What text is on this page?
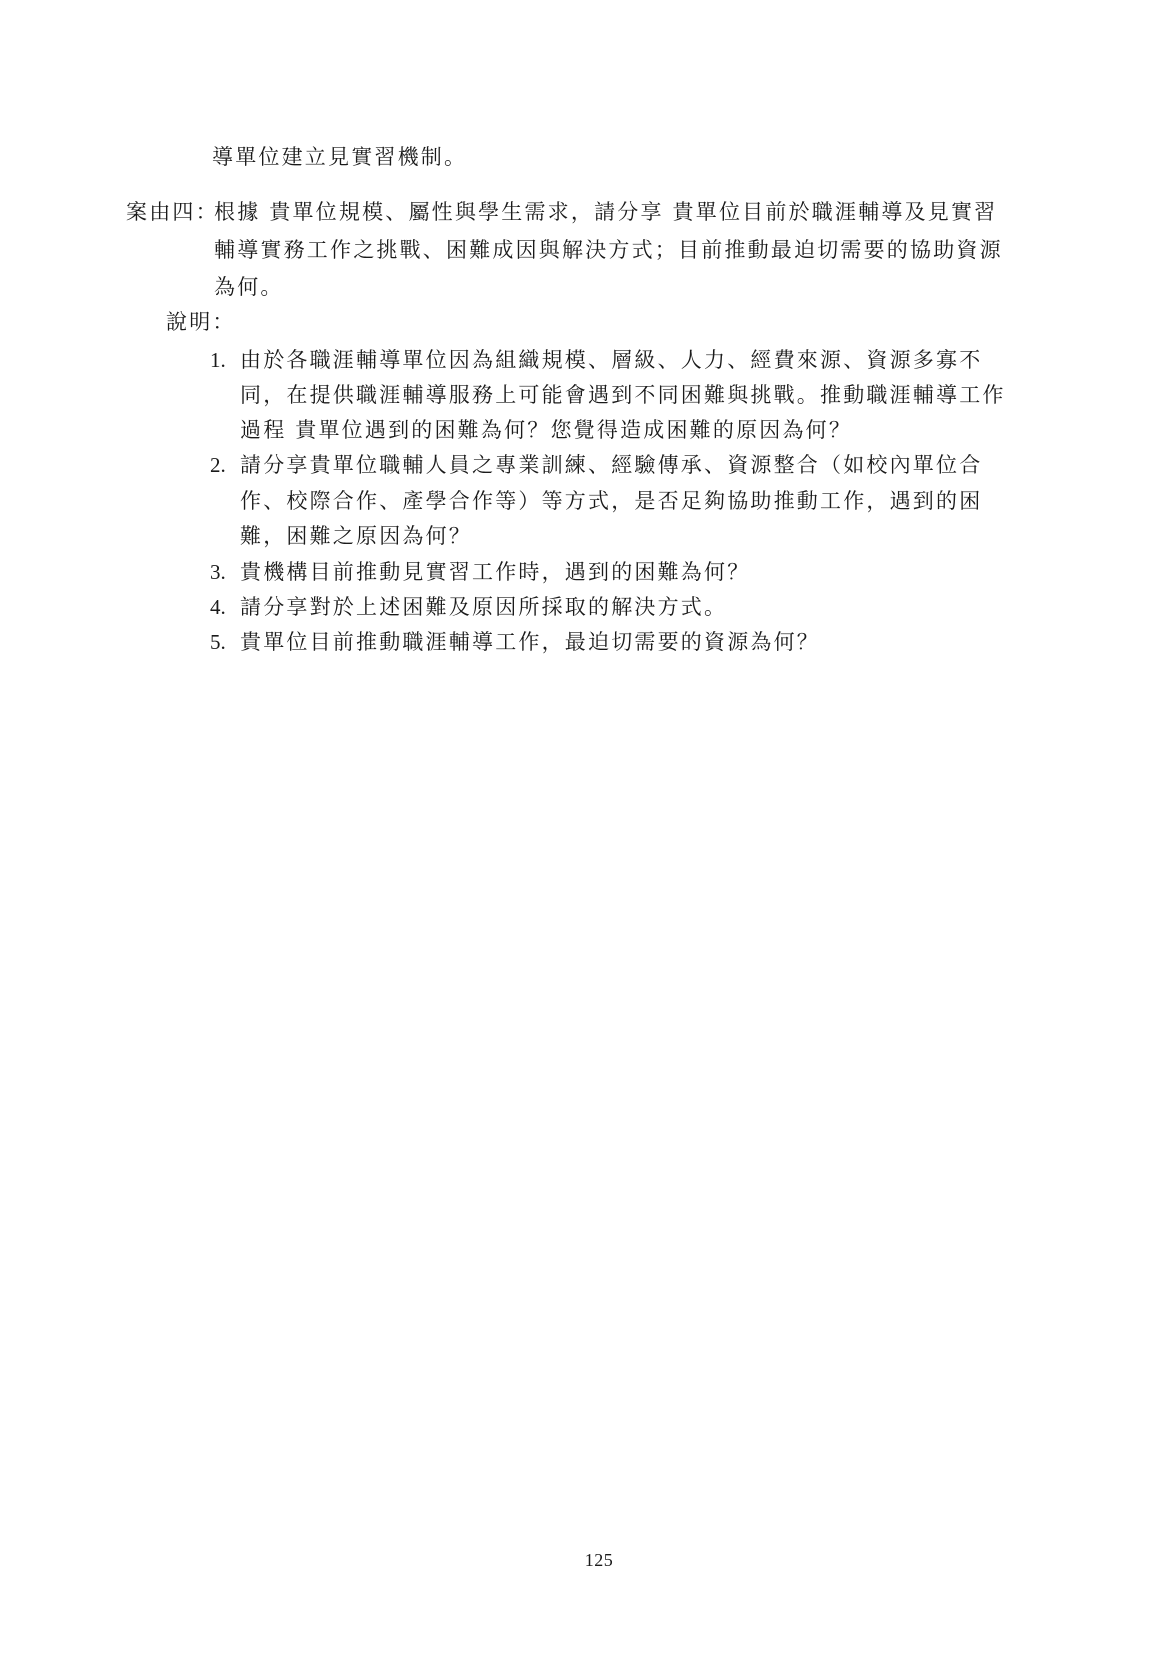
導單位建立見實習機制。
案由四：
根據 貴單位規模、屬性與學生需求，請分享 貴單位目前於職涯輔導及見實習
輔導實務工作之挑戰、困難成因與解決方式；目前推動最迫切需要的協助資源
為何。
說明：
1. 由於各職涯輔導單位因為組織規模、層級、人力、經費來源、資源多寡不
同，在提供職涯輔導服務上可能會遇到不同困難與挑戰。推動職涯輔導工作
過程 貴單位遇到的困難為何？您覺得造成困難的原因為何？
2. 請分享貴單位職輔人員之專業訓練、經驗傳承、資源整合（如校內單位合
作、校際合作、產學合作等）等方式，是否足夠協助推動工作，遇到的困
難，困難之原因為何？
3. 貴機構目前推動見實習工作時，遇到的困難為何？
4. 請分享對於上述困難及原因所採取的解決方式。
5. 貴單位目前推動職涯輔導工作，最迫切需要的資源為何？
125
